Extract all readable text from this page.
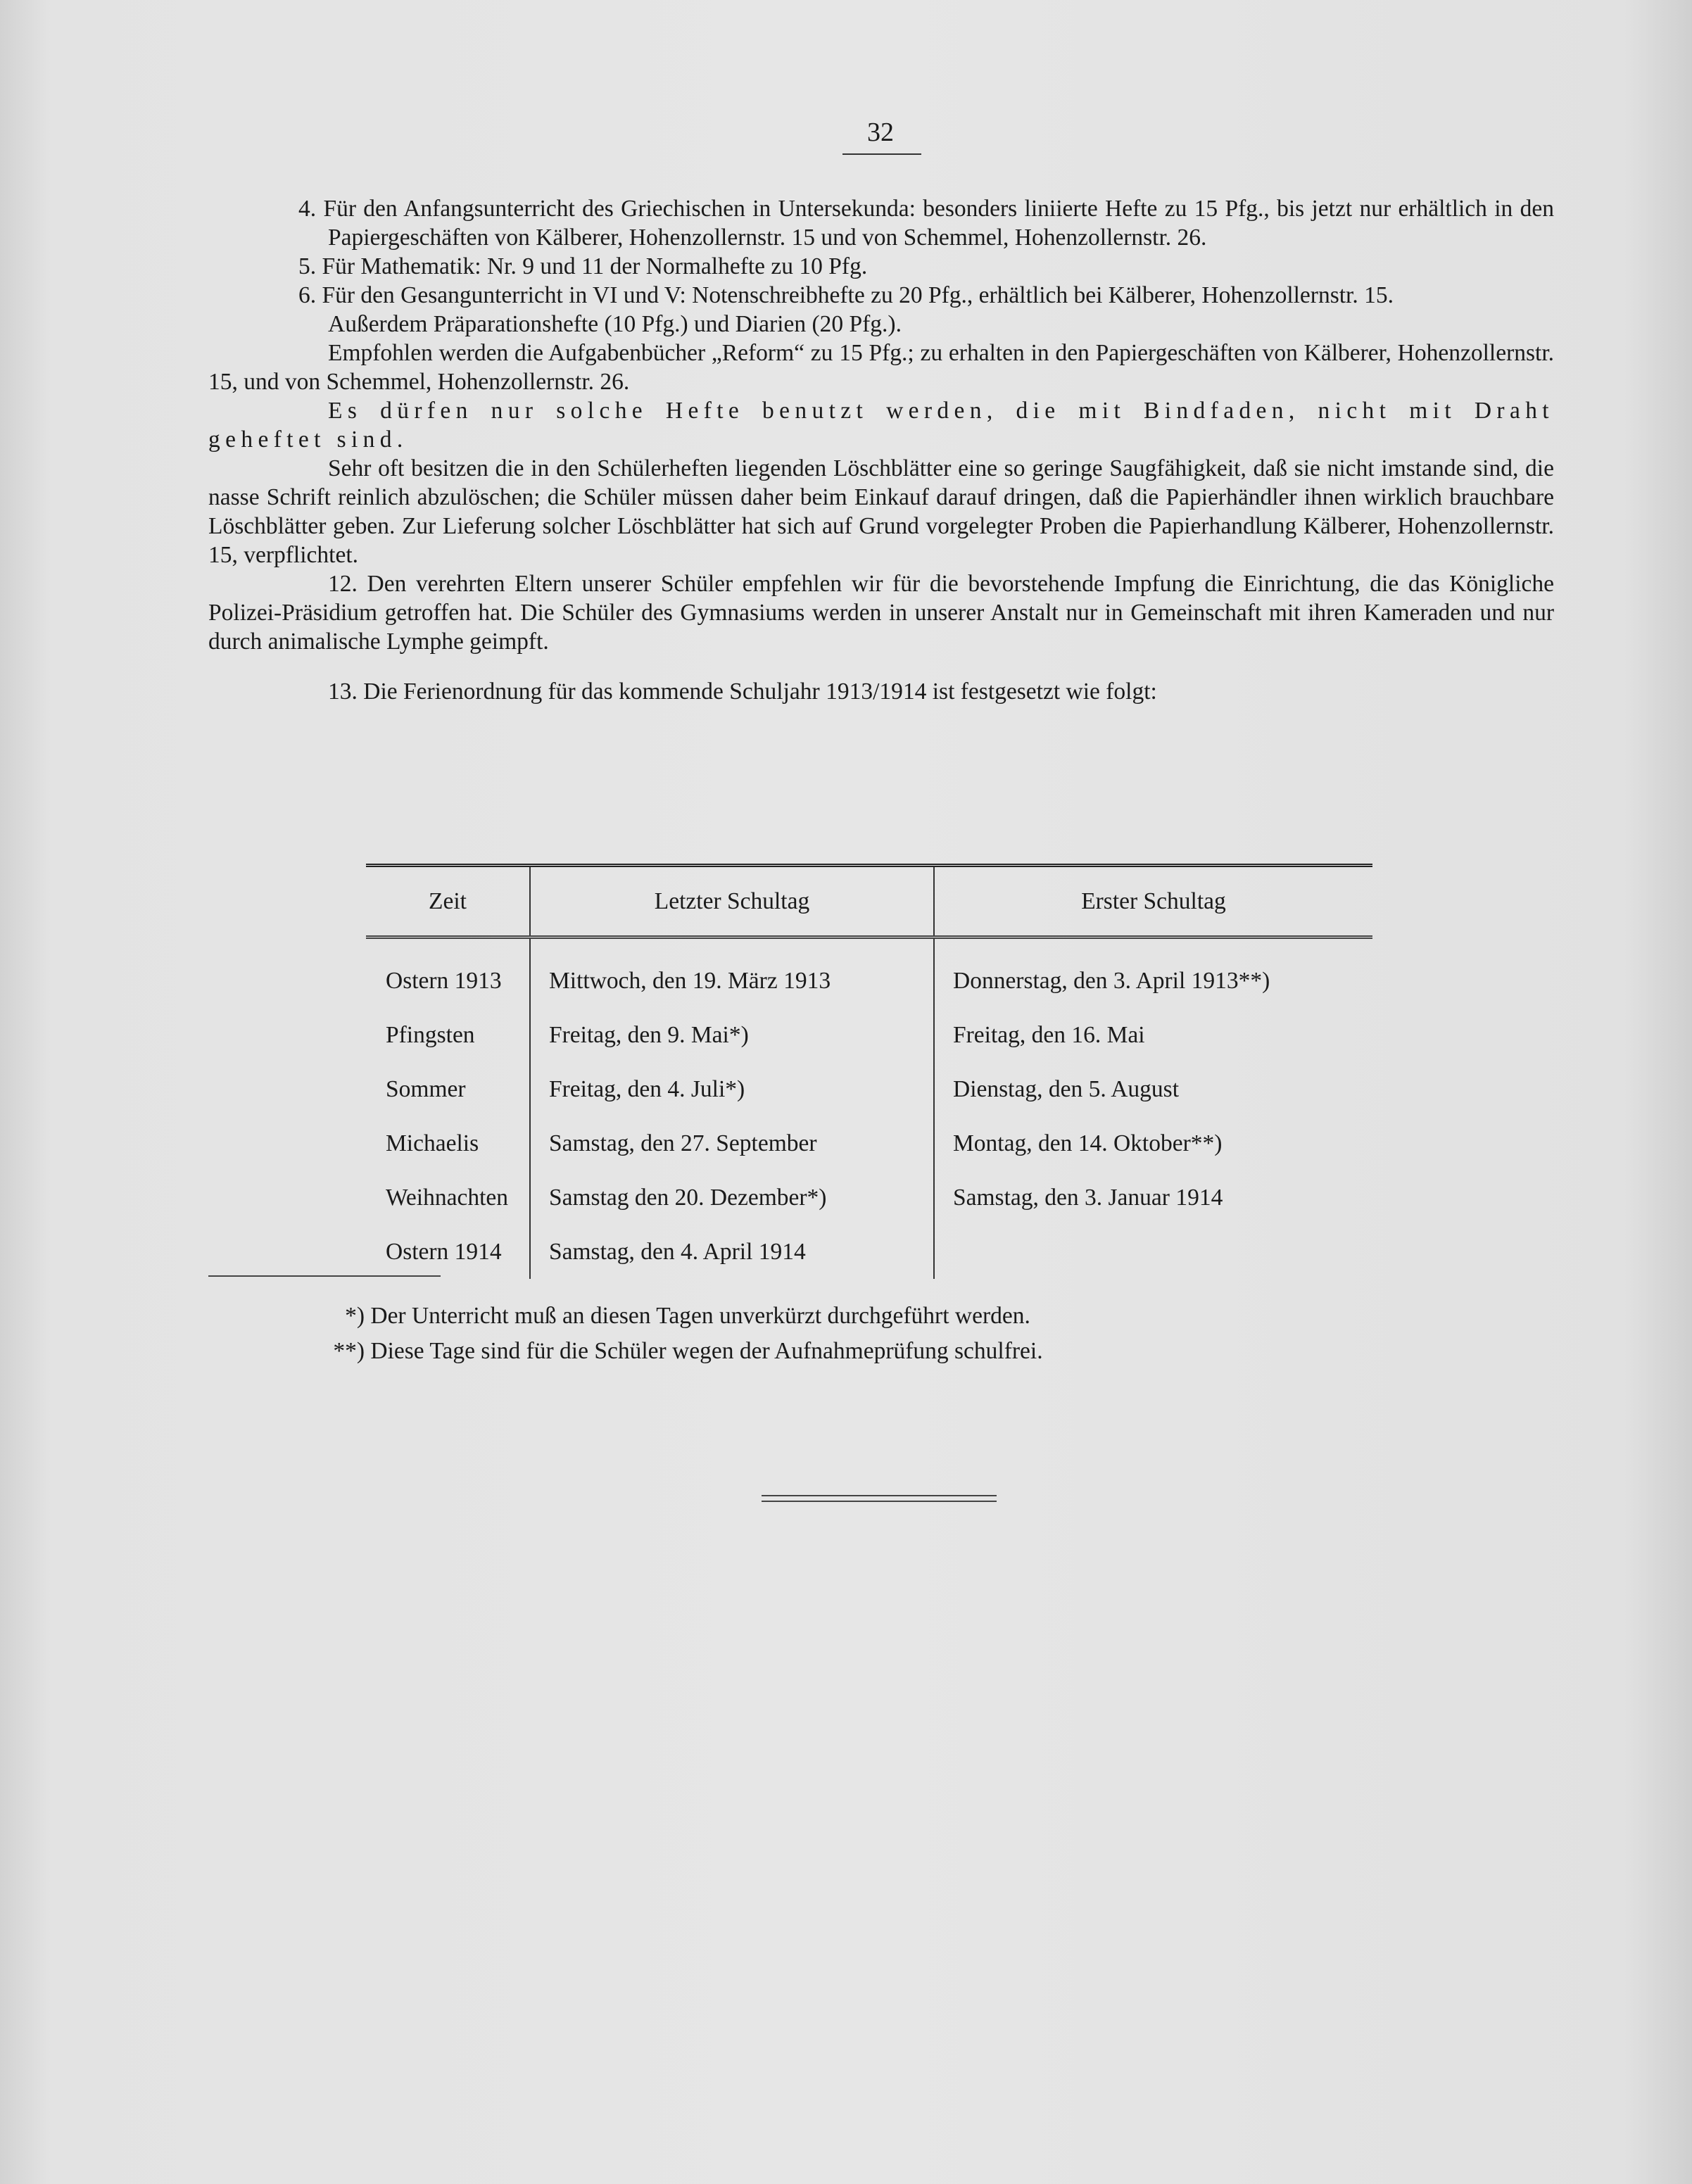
32

4. Für den Anfangsunterricht des Griechischen in Untersekunda: besonders liniierte Hefte zu 15 Pfg., bis jetzt nur erhältlich in den Papiergeschäften von Kälberer, Hohenzollernstr. 15 und von Schemmel, Hohenzollernstr. 26.

5. Für Mathematik: Nr. 9 und 11 der Normalhefte zu 10 Pfg.

6. Für den Gesangunterricht in VI und V: Notenschreibhefte zu 20 Pfg., erhältlich bei Kälberer, Hohenzollernstr. 15.

Außerdem Präparationshefte (10 Pfg.) und Diarien (20 Pfg.).

Empfohlen werden die Aufgabenbücher „Reform“ zu 15 Pfg.; zu erhalten in den Papiergeschäften von Kälberer, Hohenzollernstr. 15, und von Schemmel, Hohenzollernstr. 26.

Es dürfen nur solche Hefte benutzt werden, die mit Bindfaden, nicht mit Draht geheftet sind.

Sehr oft besitzen die in den Schülerheften liegenden Löschblätter eine so geringe Saugfähigkeit, daß sie nicht imstande sind, die nasse Schrift reinlich abzulöschen; die Schüler müssen daher beim Einkauf darauf dringen, daß die Papierhändler ihnen wirklich brauchbare Löschblätter geben. Zur Lieferung solcher Löschblätter hat sich auf Grund vorgelegter Proben die Papierhandlung Kälberer, Hohenzollernstr. 15, verpflichtet.

12. Den verehrten Eltern unserer Schüler empfehlen wir für die bevorstehende Impfung die Einrichtung, die das Königliche Polizei-Präsidium getroffen hat. Die Schüler des Gymnasiums werden in unserer Anstalt nur in Gemeinschaft mit ihren Kameraden und nur durch animalische Lymphe geimpft.

13. Die Ferienordnung für das kommende Schuljahr 1913/1914 ist festgesetzt wie folgt:

Zeit	Letzter Schultag	Erster Schultag
Ostern 1913	Mittwoch, den 19. März 1913	Donnerstag, den 3. April 1913**)
Pfingsten	Freitag, den 9. Mai*)	Freitag, den 16. Mai
Sommer	Freitag, den 4. Juli*)	Dienstag, den 5. August
Michaelis	Samstag, den 27. September	Montag, den 14. Oktober**)
Weihnachten	Samstag den 20. Dezember*)	Samstag, den 3. Januar 1914
Ostern 1914	Samstag, den 4. April 1914	
*) Der Unterricht muß an diesen Tagen unverkürzt durchgeführt werden.
**) Diese Tage sind für die Schüler wegen der Aufnahmeprüfung schulfrei.
